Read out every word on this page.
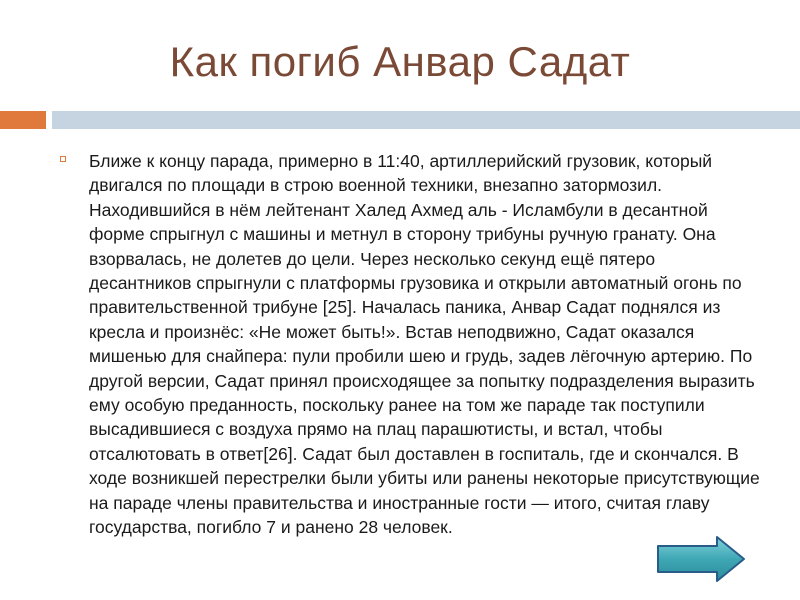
Как погиб Анвар Садат
Ближе к концу парада, примерно в 11:40, артиллерийский грузовик, который двигался по площади в строю военной техники, внезапно затормозил. Находившийся в нём лейтенант Халед Ахмед аль - Исламбули в десантной форме спрыгнул с машины и метнул в сторону трибуны ручную гранату. Она взорвалась, не долетев до цели. Через несколько секунд ещё пятеро десантников спрыгнули с платформы грузовика и открыли автоматный огонь по правительственной трибуне [25]. Началась паника, Анвар Садат поднялся из кресла и произнёс: «Не может быть!». Встав неподвижно, Садат оказался мишенью для снайпера: пули пробили шею и грудь, задев лёгочную артерию. По другой версии, Садат принял происходящее за попытку подразделения выразить ему особую преданность, поскольку ранее на том же параде так поступили высадившиеся с воздуха прямо на плац парашютисты, и встал, чтобы отсалютовать в ответ[26]. Садат был доставлен в госпиталь, где и скончался. В ходе возникшей перестрелки были убиты или ранены некоторые присутствующие на параде члены правительства и иностранные гости — итого, считая главу государства, погибло 7 и ранено 28 человек.
